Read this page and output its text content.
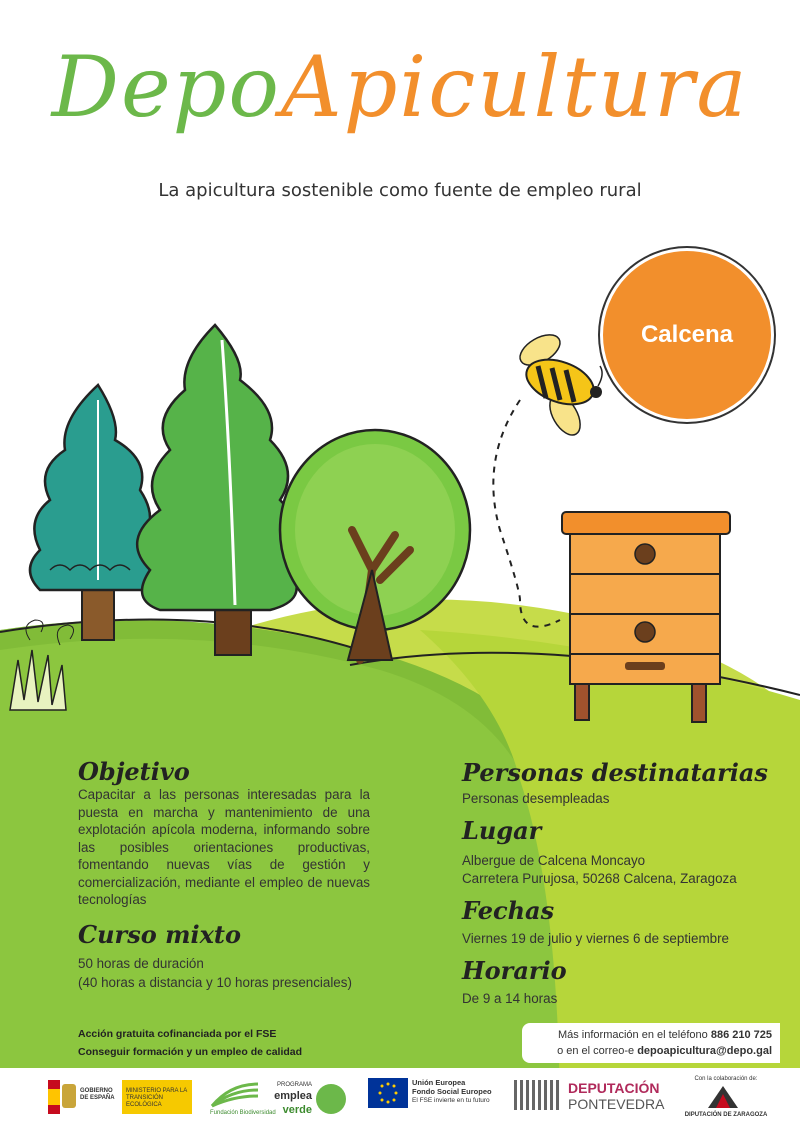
DepoApicultura
La apicultura sostenible como fuente de empleo rural
Calcena
Objetivo
Capacitar a las personas interesadas para la puesta en marcha y mantenimiento de una explotación apícola moderna, informando sobre las posibles orientaciones productivas, fomentando nuevas vías de gestión y comercialización, mediante el empleo de nuevas tecnologías
Curso mixto
50 horas de duración
(40 horas a distancia y 10 horas presenciales)
Personas destinatarias
Personas desempleadas
Lugar
Albergue de Calcena Moncayo
Carretera Purujosa, 50268 Calcena, Zaragoza
Fechas
Viernes 19 de julio y viernes 6 de septiembre
Horario
De 9 a 14 horas
Acción gratuita cofinanciada por el FSE
Conseguir formación y un empleo de calidad
Más información en el teléfono 886 210 725
o en el correo-e depoapicultura@depo.gal
GOBIERNO DE ESPAÑA
MINISTERIO PARA LA TRANSICIÓN ECOLÓGICA
Fundación Biodiversidad
PROGRAMA
emplea
verde
Unión Europea
Fondo Social Europeo
El FSE invierte en tu futuro
DEPUTACIÓN
PONTEVEDRA
Con la colaboración de:
DIPUTACIÓN DE ZARAGOZA
